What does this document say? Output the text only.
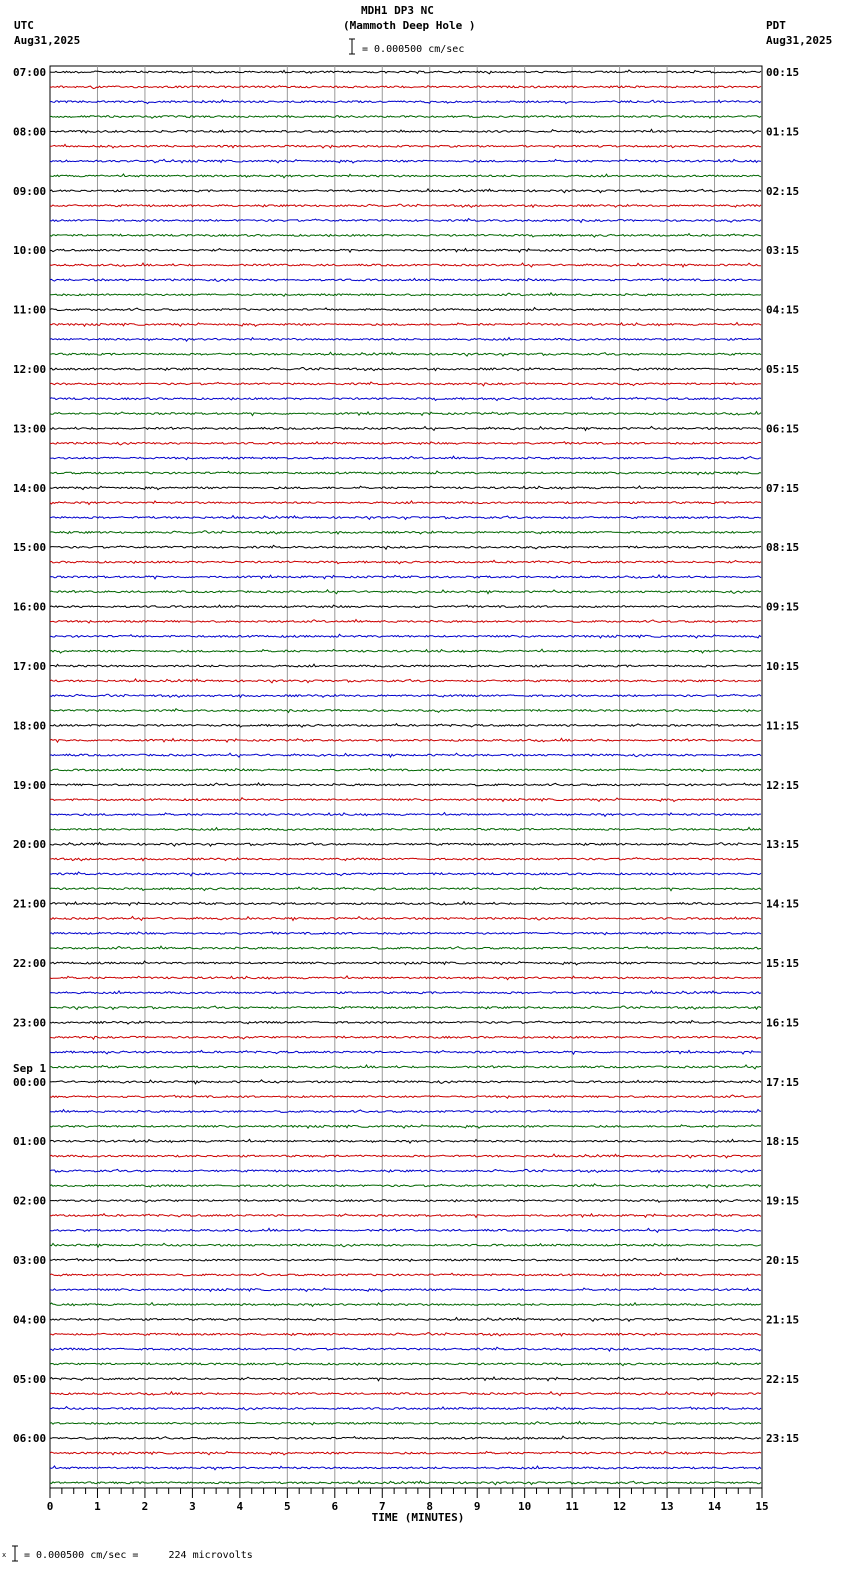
MDH1 DP3 NC
(Mammoth Deep Hole )
UTC
Aug31,2025
PDT
Aug31,2025
= 0.000500 cm/sec
x = 0.000500 cm/sec =     224 microvolts
07:00	00:15
08:00	01:15
09:00	02:15
10:00	03:15
11:00	04:15
12:00	05:15
13:00	06:15
14:00	07:15
15:00	08:15
16:00	09:15
17:00	10:15
18:00	11:15
19:00	12:15
20:00	13:15
21:00	14:15
22:00	15:15
23:00	16:15
00:00	17:15
01:00	18:15
02:00	19:15
03:00	20:15
04:00	21:15
05:00	22:15
06:00	23:15
Sep 1
0	1	2	3	4	5	6	7	8	9	10	11	12	13	14	15
TIME (MINUTES)
